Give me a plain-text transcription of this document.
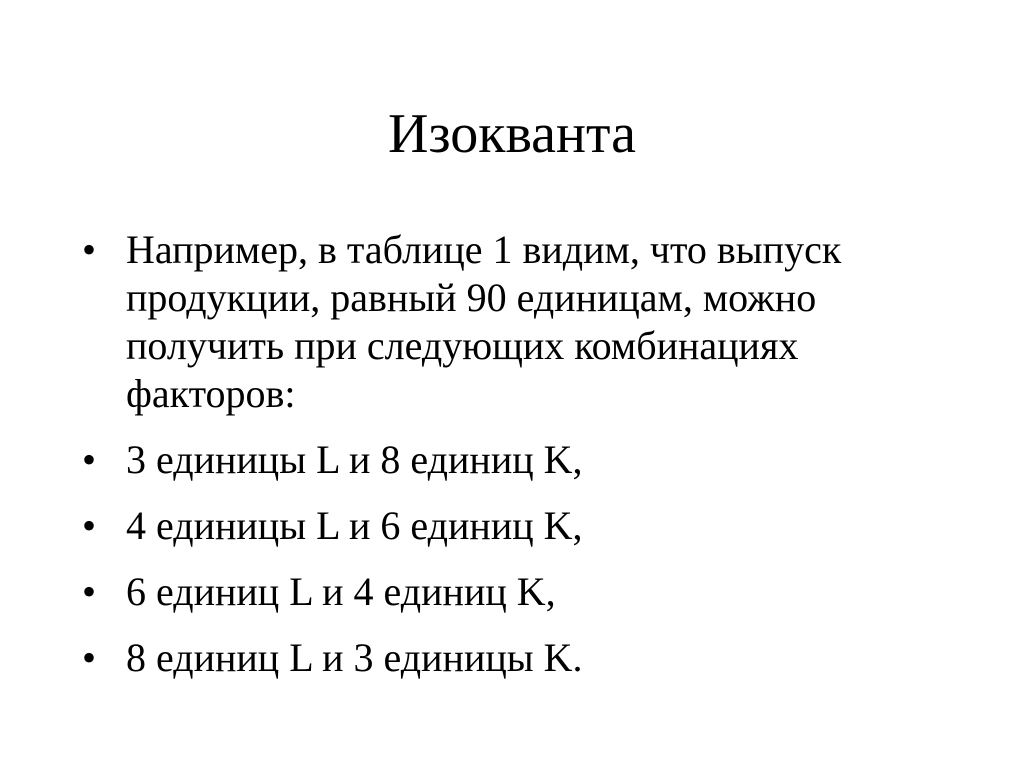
Изокванта
• Например, в таблице 1 видим, что выпуск продукции, равный 90 единицам, можно получить при следующих комбинациях факторов:
• 3 единицы L и 8 единиц K,
• 4 единицы L и 6 единиц K,
• 6 единиц L и 4 единиц K,
• 8 единиц L и 3 единицы K.
